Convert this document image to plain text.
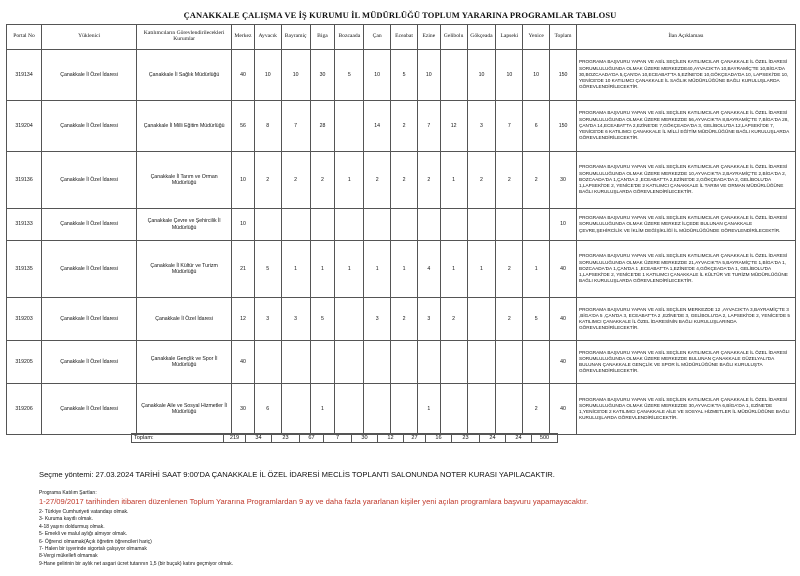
ÇANAKKALE ÇALIŞMA VE İŞ KURUMU İL MÜDÜRLÜĞÜ TOPLUM YARARINA PROGRAMLAR TABLOSU
Portal No	Yüklenici	Katılımcıların Görevlendirilecekleri Kurumlar	Merkez	Ayvacık	Bayramiç	Biga	Bozcaada	Çan	Eceabat	Ezine	Gelibolu	Gökçeada	Lapseki	Yenice	Toplam	İlan Açıklaması
319134	Çanakkale İl Özel İdaresi	Çanakkale İl Sağlık Müdürlüğü	40	10	10	30	5	10	5	10		10	10	10	150	PROGRAMA BAŞVURU YAPAN VE ASİL SEÇİLEN KATILIMCILAR ÇANAKKALE İL ÖZEL İDARESİ SORUMLULUĞUNDA OLMAK ÜZERE MERKEZDE40,AYVACIK'TA 10,BAYRAMİÇ'TE 10,BİGA'DA 30,BOZCAADA'DA 5,ÇAN'DA 10,ECEABAT'TA 5,EZİNE'DE 10,GÖKÇEADA'DA 10, LAPSEKİ'DE 10, YENİCE'DE 10 KATILIMCI ÇANAKKALE İL SAĞLIK MÜDÜRLÜĞÜNE BAĞLI KURULUŞLARDA GÖREVLENDİRİLECEKTİR.
319204	Çanakkale İl Özel İdaresi	Çanakkale İl Milli Eğitim Müdürlüğü	56	8	7	28		14	2	7	12	3	7	6	150	PROGRAMA BAŞVURU YAPAN VE ASİL SEÇİLEN KATILIMCILAR ÇANAKKALE İL ÖZEL İDARESİ SORUMLULUĞUNDA OLMAK ÜZERE MERKEZDE 56,AYVACIK'TA 8,BAYRAMİÇ'TE 7,BİGA'DA 28, ÇAN'DA 14,ECEABAT'TA 2,EZİNE'DE 7,GÖKÇEADA'DA 3, GELİBOLU'DA 12,LAPSEKİ'DE 7, YENİCE'DE 6 KATILIMCI ÇANAKKALE İL MİLLİ EĞİTİM MÜDÜRLÜĞÜNE BAĞLI KURULUŞLARDA GÖREVLENDİRİLECEKTİR.
319136	Çanakkale İl Özel İdaresi	Çanakkale İl Tarım ve Orman Müdürlüğü	10	2	2	2	1	2	2	2	1	2	2	2	30	PROGRAMA BAŞVURU YAPAN VE ASİL SEÇİLEN KATILIMCILAR ÇANAKKALE İL ÖZEL İDARESİ SORUMLULUĞUNDA OLMAK ÜZERE MERKEZDE 10,AYVACIK'TA 2,BAYRAMİÇ'TE 2,BİGA'DA 2, BOZCAADA'DA 1,ÇAN'DA 2 ,ECEABAT'TA 2,EZİNE'DE 2,GÖKÇEADA'DA 2, GELİBOLU'DA 1,LAPSEKİ'DE 2, YENİCE'DE 2 KATILIMCI ÇANAKKALE İL TARIM VE ORMAN MÜDÜRLÜĞÜNE BAĞLI KURULUŞLARDA GÖREVLENDİRİLECEKTİR.
319133	Çanakkale İl Özel İdaresi	Çanakkale Çevre ve Şehircilik İl Müdürlüğü	10												10	PROGRAMA BAŞVURU YAPAN VE ASİL SEÇİLEN KATILIMCILAR ÇANAKKALE İL ÖZEL İDARESİ SORUMLULUĞUNDA OLMAK ÜZERE MERKEZ İLÇEDE BULUNAN ÇANAKKALE ÇEVRE,ŞEHİRCİLİK VE İKLİM DEĞİŞİKLİĞİ İL MÜDÜRLÜĞÜNDE GÖREVLENDİRİLECEKTİR.
319135	Çanakkale İl Özel İdaresi	Çanakkale İl Kültür ve Turizm Müdürlüğü	21	5	1	1	1	1	1	4	1	1	2	1	40	PROGRAMA BAŞVURU YAPAN VE ASİL SEÇİLEN KATILIMCILAR ÇANAKKALE İL ÖZEL İDARESİ SORUMLULUĞUNDA OLMAK ÜZERE MERKEZDE 21,AYVACIK'TA 5,BAYRAMİÇ'TE 1,BİGA'DA 1, BOZCAADA'DA 1,ÇAN'DA 1 ,ECEABAT'TA 1,EZİNE'DE 4,GÖKÇEADA'DA 1, GELİBOLU'DA 1,LAPSEKİ'DE 2, YENİCE'DE 1 KATILIMCI ÇANAKKALE İL KÜLTÜR VE TURİZM MÜDÜRLÜĞÜNE BAĞLI KURULUŞLARDA GÖREVLENDİRİLECEKTİR.
319203	Çanakkale İl Özel İdaresi	Çanakkale İl Özel İdaresi	12	3	3	5		3	2	3	2		2	5	40	PROGRAMA BAŞVURU YAPAN VE ASİL SEÇİLEN MERKEZDE 12 ,AYVACIK'TA 3,BAYRAMİÇ'TE 3 ,BİGA'DA 5 ,ÇAN'DA 3, ECEABAT'TA 2 ,EZİNE'DE 3, GELİBOLU'DA 2, LAPSEKİ'DE 2, YENİCE'DE 5 KATILIMCI ÇANAKKALE İL ÖZEL İDARESİNİN BAĞLI KURULUŞLARINDA GÖREVLENDİRİLECEKTİR.
319205	Çanakkale İl Özel İdaresi	Çanakkale Gençlik ve Spor İl Müdürlüğü	40												40	PROGRAMA BAŞVURU YAPAN VE ASİL SEÇİLEN KATILIMCILAR ÇANAKKALE İL ÖZEL İDARESİ SORUMLULUĞUNDA OLMAK ÜZERE MERKEZDE BULUNAN ÇANAKKALE GÜZELYALI'DA BULUNAN ÇANAKKALE GENÇLİK VE SPOR İL MÜDÜRLÜĞÜNE BAĞLI KURULUŞTA GÖREVLENDİRİLECEKTİR.
319206	Çanakkale İl Özel İdaresi	Çanakkale Aile ve Sosyal Hizmetler İl Müdürlüğü	30	6		1				1				2	40	PROGRAMA BAŞVURU YAPAN VE ASİL SEÇİLEN KATILIMCILAR ÇANAKKALE İL ÖZEL İDARESİ SORUMLULUĞUNDA OLMAK ÜZERE MERKEZDE 30,AYVACIK'TA 6,BİGA'DA 1, EZİNE'DE 1,YENİCE'DE 2 KATILIMCI ÇANAKKALE AİLE VE SOSYAL HİZMETLER İL MÜDÜRLÜĞÜNE BAĞLI KURULUŞLARDA GÖREVLENDİRİLECEKTİR.
Toplam:	219	34	23	67	7	30	12	27	16	23	24	24	500
Seçme yöntemi: 27.03.2024 TARİHİ SAAT 9:00'DA ÇANAKKALE İL ÖZEL İDARESİ MECLİS TOPLANTI SALONUNDA NOTER KURASI YAPILACAKTIR.
Programa Katılım Şartları:
1-27/09/2017 tarihinden itibaren düzenlenen Toplum Yararına Programlardan 9 ay ve daha fazla yararlanan kişiler yeni açılan programlara başvuru yapamayacaktır.
2- Türkiye Cumhuriyeti vatandaşı olmak.
3- Kuruma kayıtlı olmak.
4-18 yaşını doldurmuş olmak.
5- Emekli ve malul aylığı almıyor olmak.
6- Öğrenci olmamak(Açık öğretim öğrencileri hariç)
7- Halen bir işyerinde sigortalı çalışıyor olmamak
8-Vergi mükellefi olmamak
9-Hane gelirinin bir aylık net asgari ücret tutarının 1,5 (bir buçuk) katını geçmiyor olmak.
